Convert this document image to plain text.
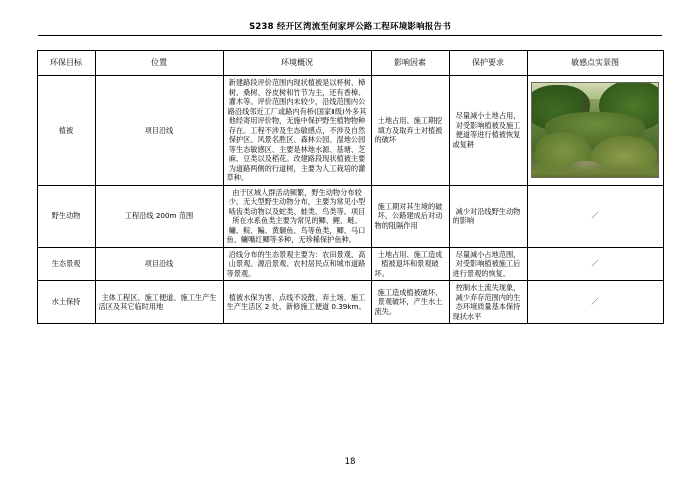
S238 经开区湾流至何家坪公路工程环境影响报告书
环保目标	位置	环境概况	影响因素	保护要求	敏感点实景图
植被	项目沿线	新建路段评价范围内现状植被是以杯树、樟树、桑树、谷皮树和竹节为主，还有香樟、灌木等。评价范围内未较少，沿线范围内公路沿线邻近工厂或路内有桥(国家Ⅱ级)外多其他经寄用评价物，无施中保护野生植物物种存在。工程不涉及生态敏感点，不涉及自然保护区、风景名胜区、森林公园、湿地公园等生态敏感区、主要是林地水源、基塘、芝麻、豆类以及稻花。改建路段现状植被主要为道路两侧的行道树，主要为人工栽培的灌草种。	土地占用、施工期挖填方及取弃土对植被的破坏	尽量减小土地占用，对受影响植被及施工便道等进行植被恢复或复耕	

野生动物	工程沿线 200m 范围	由于区域人群活动频繁，野生动物分布较少，无大型野生动物分布，主要为常见小型啮齿类动物以及蛇类、蛙类、鸟类等。项目所在水系鱼类主要为常见的鲫、鲤、鲢、鳙、鲩、鳊、黄颡鱼、鸟等鱼类，鲫、马口鱼、鳙嘴红鲫等多种，无珍稀保护鱼种。	施工期对其生境的破坏，公路建成后对动物的阻隔作用	减少对沿线野生动物的影响	／
生态景观	项目沿线	沿线分布的生态景观主要为：农田景观、高山景观、源沿景观、农村居民点和城市道路等景观。	土地占用、施工造成植被退坏和景观破坏。	尽量减小占地范围，对受影响植被施工后进行景观的恢复。	／
水土保持	主体工程区、施工便道、施工生产生活区及其它临时用地	植被水保为害、点线不设散、弃土场、施工生产生活区 2 处、新修施工便道 0.39km。	施工造成植被破坏、景观破坏，产生水土流失。	控制水土流失现象，减少弃存范围内的生态环境质量基本保持现状水平	／
18
